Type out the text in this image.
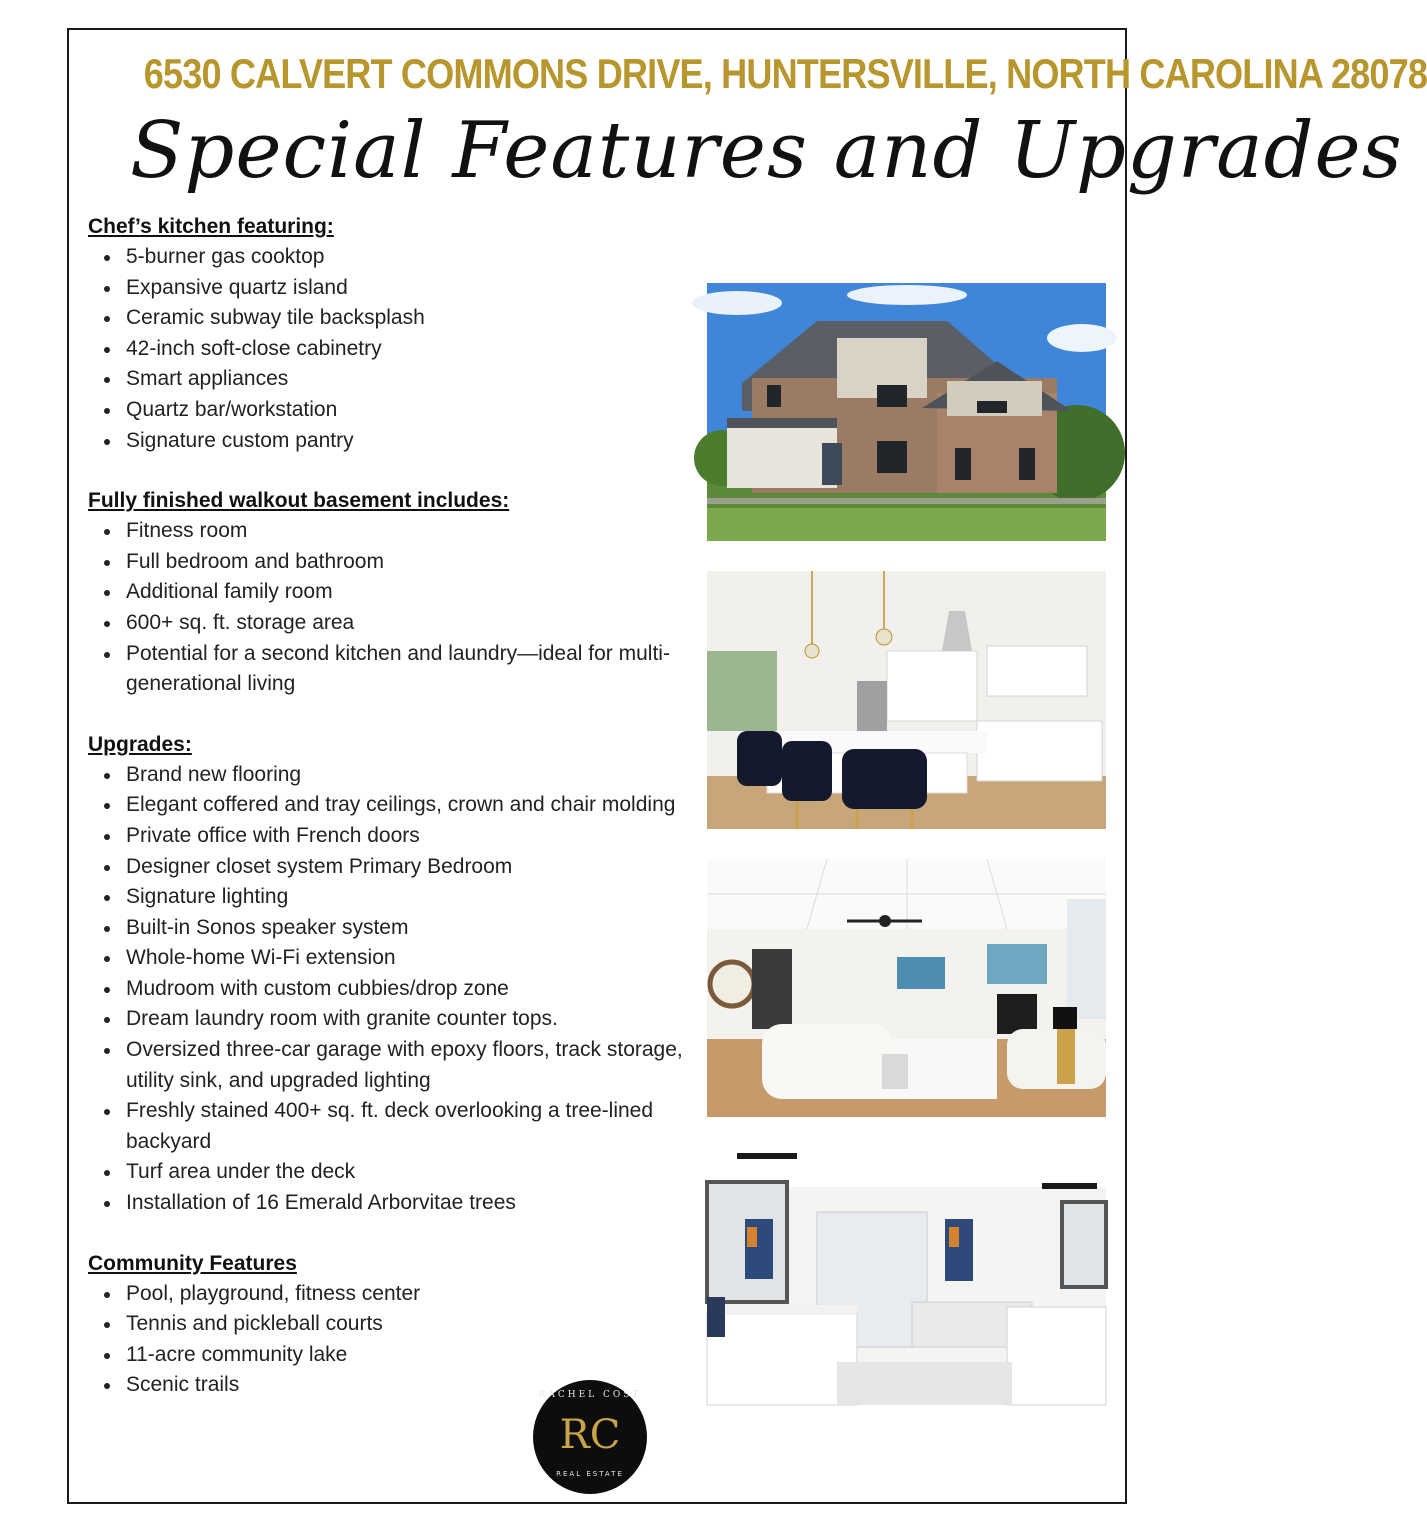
6530 CALVERT COMMONS DRIVE, HUNTERSVILLE, NORTH CAROLINA 28078
Special Features and Upgrades

Chef’s kitchen featuring:

5-burner gas cooktop
Expansive quartz island
Ceramic subway tile backsplash
42-inch soft-close cabinetry
Smart appliances
Quartz bar/workstation
Signature custom pantry

Fully finished walkout basement includes:

Fitness room
Full bedroom and bathroom
Additional family room
600+ sq. ft. storage area
Potential for a second kitchen and laundry—ideal for multi-generational living

Upgrades:

Brand new flooring
Elegant coffered and tray ceilings, crown and chair molding
Private office with French doors
Designer closet system Primary Bedroom
Signature lighting
Built-in Sonos speaker system
Whole-home Wi-Fi extension
Mudroom with custom cubbies/drop zone
Dream laundry room with granite counter tops.
Oversized three-car garage with epoxy floors, track storage, utility sink, and upgraded lighting
Freshly stained 400+ sq. ft. deck overlooking a tree-lined backyard
Turf area under the deck
Installation of 16 Emerald Arborvitae trees

Community Features

Pool, playground, fitness center
Tennis and pickleball courts
11-acre community lake
Scenic trails	RACHEL COST
RC
REAL ESTATE
